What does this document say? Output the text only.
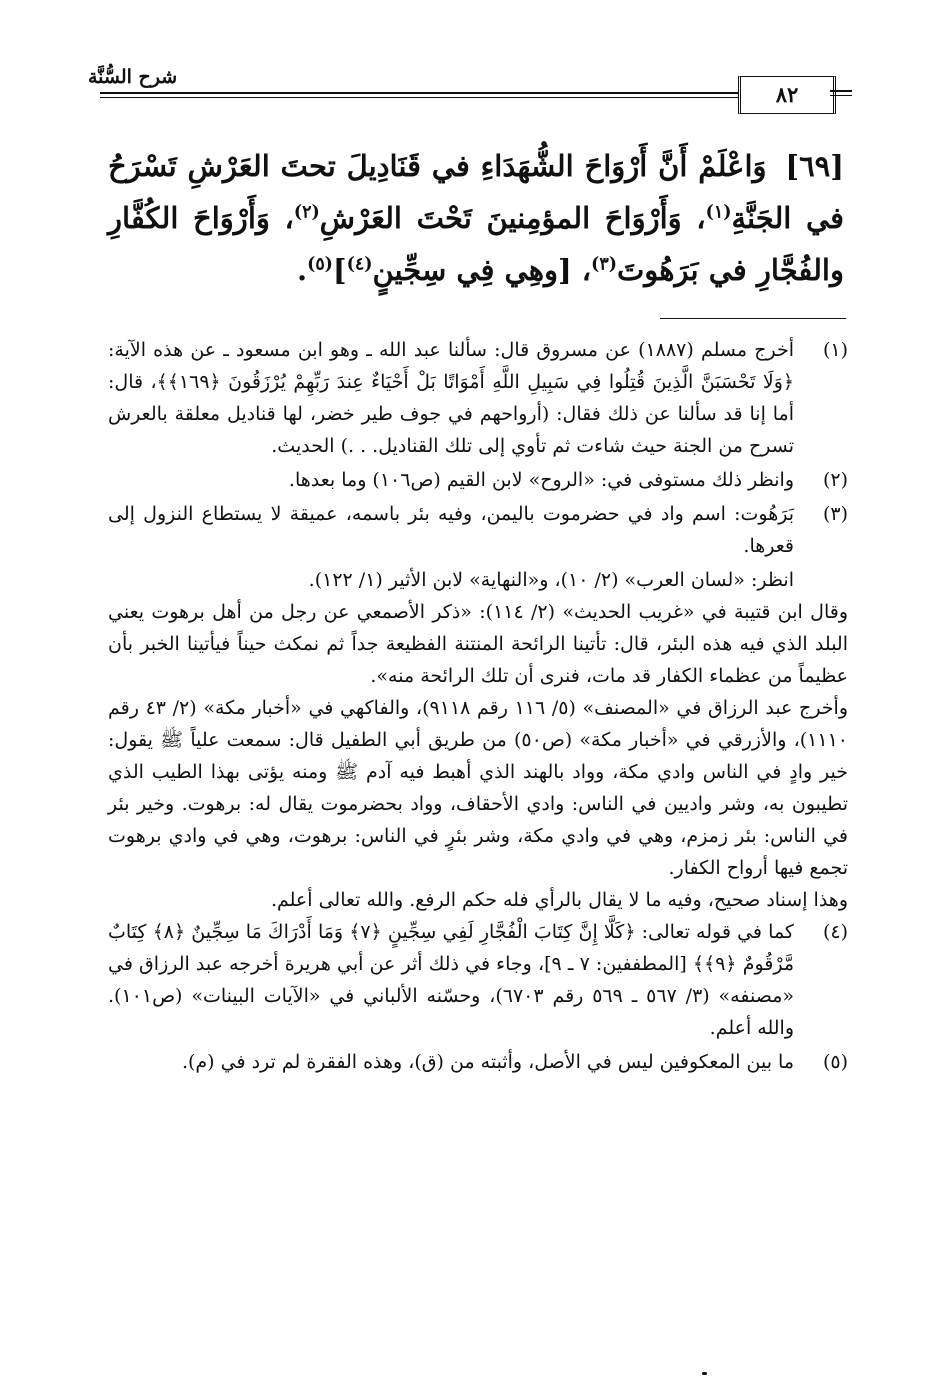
شرح السُّنَّة
٨٢
[٦٩] وَاعْلَمْ أَنَّ أَرْوَاحَ الشُّهَدَاءِ في قَنَادِيلَ تحتَ العَرْشِ تَسْرَحُ في الجَنَّةِ$^{(١)}$، وَأَرْوَاحَ المؤمِنينَ تَحْتَ العَرْشِ$^{(٢)}$، وَأَرْوَاحَ الكُفَّارِ والفُجَّارِ في بَرَهُوتَ$^{(٣)}$، [وهِي فِي سِجِّينٍ$^{(٤)}$]$^{(٥)}$.
(١)

أخرج مسلم (١٨٨٧) عن مسروق قال: سألنا عبد الله ـ وهو ابن مسعود ـ عن هذه الآية: ﴿وَلَا تَحْسَبَنَّ الَّذِينَ قُتِلُوا فِي سَبِيلِ اللَّهِ أَمْوَاتًا بَلْ أَحْيَاءٌ عِندَ رَبِّهِمْ يُرْزَقُونَ ﴿١٦٩﴾﴾، قال: أما إنا قد سألنا عن ذلك فقال: (أرواحهم في جوف طير خضر، لها قناديل معلقة بالعرش تسرح من الجنة حيث شاءت ثم تأوي إلى تلك القناديل. . .) الحديث.

(٢)

وانظر ذلك مستوفى في: «الروح» لابن القيم (ص١٠٦) وما بعدها.

(٣)

بَرَهُوت: اسم واد في حضرموت باليمن، وفيه بئر باسمه، عميقة لا يستطاع النزول إلى قعرها.

انظر: «لسان العرب» (٢/ ١٠)، و«النهاية» لابن الأثير (١/ ١٢٢).

وقال ابن قتيبة في «غريب الحديث» (٢/ ١١٤): «ذكر الأصمعي عن رجل من أهل برهوت يعني البلد الذي فيه هذه البئر، قال: تأتينا الرائحة المنتنة الفظيعة جداً ثم نمكث حيناً فيأتينا الخبر بأن عظيماً من عظماء الكفار قد مات، فنرى أن تلك الرائحة منه».

وأخرج عبد الرزاق في «المصنف» (٥/ ١١٦ رقم ٩١١٨)، والفاكهي في «أخبار مكة» (٢/ ٤٣ رقم ١١١٠)، والأزرقي في «أخبار مكة» (ص٥٠) من طريق أبي الطفيل قال: سمعت علياً ﷺ يقول: خير وادٍ في الناس وادي مكة، وواد بالهند الذي أهبط فيه آدم ﷺ ومنه يؤتى بهذا الطيب الذي تطيبون به، وشر واديين في الناس: وادي الأحقاف، وواد بحضرموت يقال له: برهوت. وخير بئر في الناس: بئر زمزم، وهي في وادي مكة، وشر بئرٍ في الناس: برهوت، وهي في وادي برهوت تجمع فيها أرواح الكفار.

وهذا إسناد صحيح، وفيه ما لا يقال بالرأي فله حكم الرفع. والله تعالى أعلم.

(٤)

كما في قوله تعالى: ﴿كَلَّا إِنَّ كِتَابَ الْفُجَّارِ لَفِي سِجِّينٍ ﴿٧﴾ وَمَا أَدْرَاكَ مَا سِجِّينٌ ﴿٨﴾ كِتَابٌ مَّرْقُومٌ ﴿٩﴾﴾ [المطففين: ٧ ـ ٩]، وجاء في ذلك أثر عن أبي هريرة أخرجه عبد الرزاق في «مصنفه» (٣/ ٥٦٧ ـ ٥٦٩ رقم ٦٧٠٣)، وحسّنه الألباني في «الآيات البينات» (ص١٠١). والله أعلم.

(٥)

ما بين المعكوفين ليس في الأصل، وأثبته من (ق)، وهذه الفقرة لم ترد في (م).
